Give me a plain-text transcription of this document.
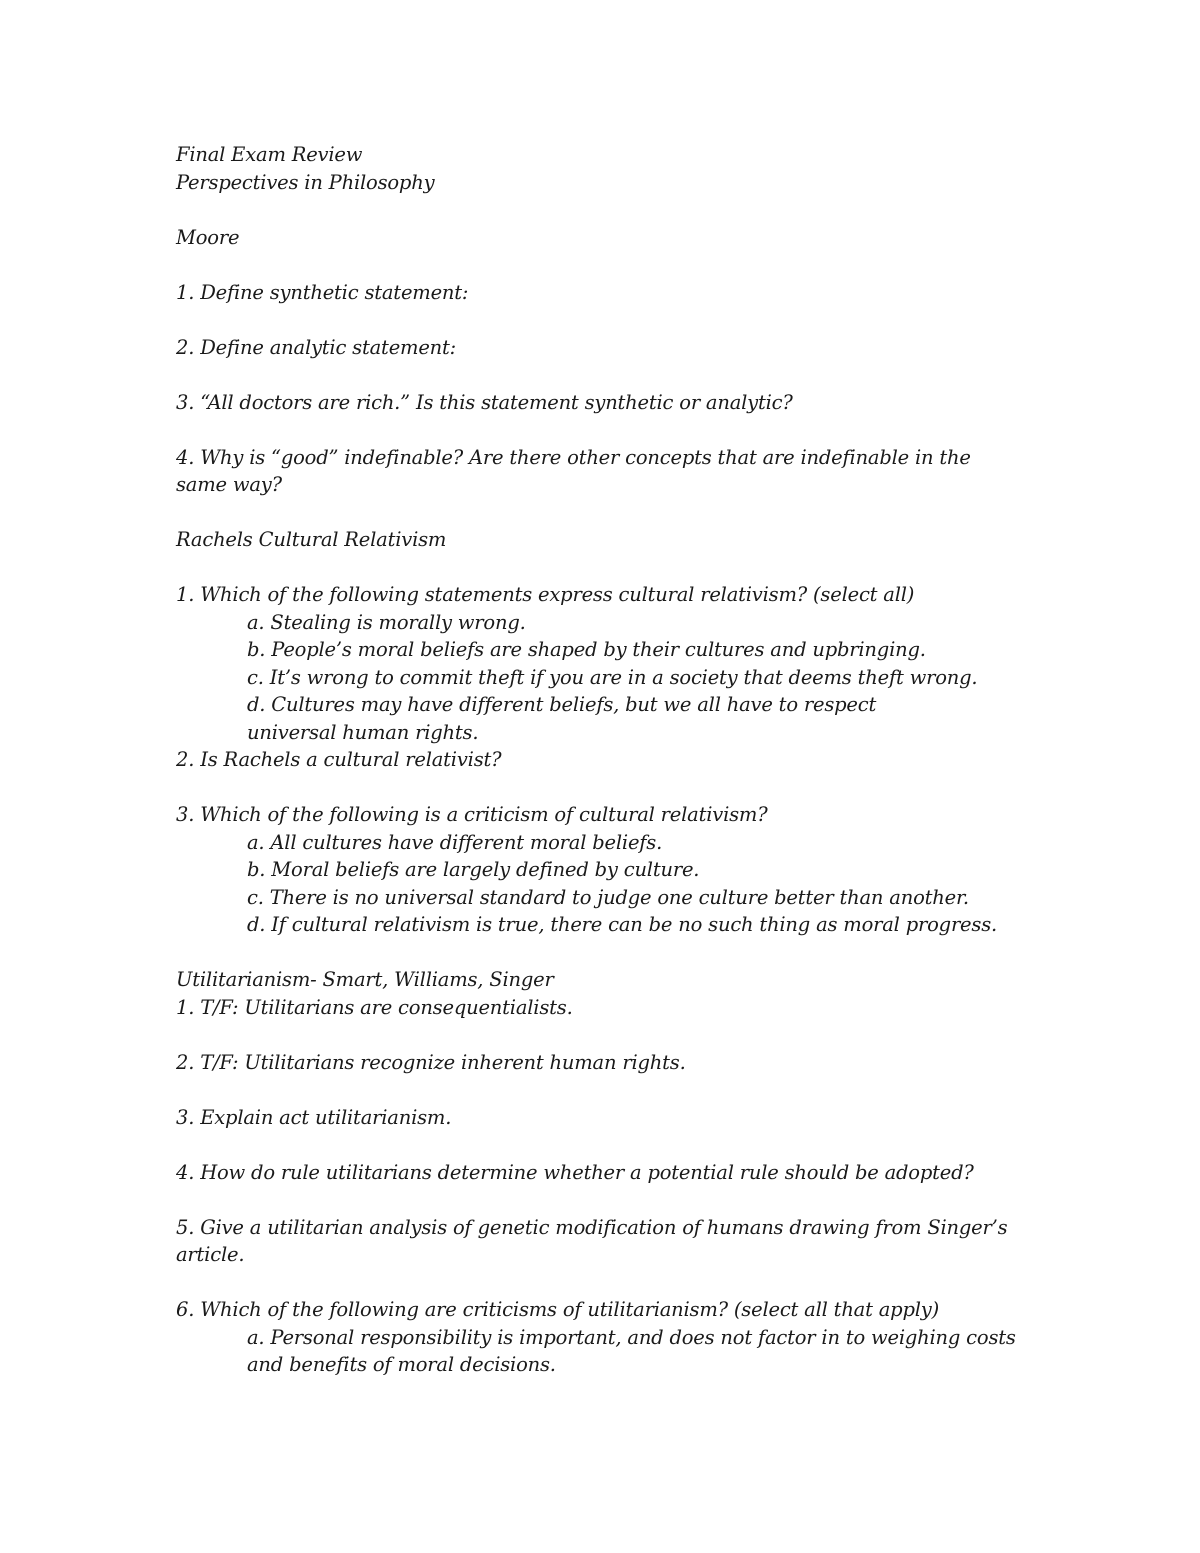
Final Exam Review
Perspectives in Philosophy
Moore
1. Define synthetic statement:
2. Define analytic statement:
3. “All doctors are rich.” Is this statement synthetic or analytic?
4. Why is “good” indefinable? Are there other concepts that are indefinable in the same way?
Rachels Cultural Relativism
1. Which of the following statements express cultural relativism? (select all)
a. Stealing is morally wrong.
b. People’s moral beliefs are shaped by their cultures and upbringing.
c. It’s wrong to commit theft if you are in a society that deems theft wrong.
d. Cultures may have different beliefs, but we all have to respect universal human rights.
2. Is Rachels a cultural relativist?
3. Which of the following is a criticism of cultural relativism?
a. All cultures have different moral beliefs.
b. Moral beliefs are largely defined by culture.
c. There is no universal standard to judge one culture better than another.
d. If cultural relativism is true, there can be no such thing as moral progress.
Utilitarianism- Smart, Williams, Singer
1. T/F: Utilitarians are consequentialists.
2. T/F: Utilitarians recognize inherent human rights.
3. Explain act utilitarianism.
4. How do rule utilitarians determine whether a potential rule should be adopted?
5. Give a utilitarian analysis of genetic modification of humans drawing from Singer’s article.
6. Which of the following are criticisms of utilitarianism? (select all that apply)
a. Personal responsibility is important, and does not factor in to weighing costs and benefits of moral decisions.
